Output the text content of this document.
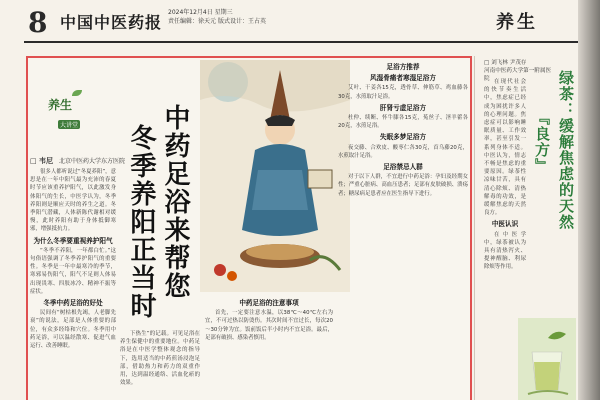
8 中国中医药报
2024年12月4日 星期三
责任编辑：徐天元 版式设计：王占英	养生
养生
大讲堂
□ 韦尼 北京中医药大学东方医院

很多人都听说过“冬夏养阳”，意思是在一年中阳气最为充沛的春夏时节应该重养护阳气，以此激发身体阳气的生长，中医学认为，冬季养阳则是顺应天时的养生之道。冬季阳气潜藏，人体新陈代谢相对缓慢，此时养阳有助于身体抵御寒邪，增强抵抗力。

为什么冬季要重视养护阳气

“冬季不养阳，一年都白忙。”这句俗语强调了冬季养护阳气的重要性。冬季是一年中最寒冷的季节，寒邪易伤阳气，阳气不足则人体易出现畏寒、四肢冰冷、精神不振等症状。

冬季中药足浴的好处

民间有“树枯根先竭，人老脚先衰”的说法，足部是人体重要的部位，有众多经络和穴位。冬季用中药足浴，可以温经散寒、促进气血运行、改善睡眠。

中药足浴来帮您
冬季养阳正当时

下热生”的记载。可见足浴在养生保健中的重要地位。中药足浴是在中医学整体观念的指导下，选用适当的中药煎汤浸泡足部，借助热力和药力的双重作用，达到温经通络、活血化瘀的效果。

中药足浴的注意事项

首先，一定要注意水温，以38℃～40℃左右为宜，不可过热以防烫伤。其次时间不宜过长，每次20～30分钟为宜。饭前饭后半小时内不宜足浴。最后，足部有破损、感染者慎用。

足浴方推荐
风湿骨痛者寒湿足浴方

艾叶、干姜各15克，透骨草、伸筋草、鸡血藤各30克，水煎取汁足浴。

肝肾亏虚足浴方

杜仲、续断、怀牛膝各15克，菟丝子、淫羊藿各20克，水煎足浴。

失眠多梦足浴方

夜交藤、合欢皮、酸枣仁各30克，首乌藤20克，水煎取汁足浴。

足浴禁忌人群

对于以下人群，不宜进行中药足浴：孕妇及经期女性；严重心脏病、高血压患者；足部有皮肤破损、溃疡者；糖尿病足患者应在医生指导下进行。

□ 刘飞林 尹茂存
河南中医药大学第一附属医院	绿茶：缓解焦虑的天然
『良方』

在现代社会的快节奏生活中，焦虑症已经成为困扰许多人的心理问题。焦虑症可以影响睡眠质量、工作效率，甚至引发一系列身体不适。中医认为，情志不畅是焦虑的重要原因。绿茶性凉味甘苦，具有清心除烦、清热解毒的功效，是缓解焦虑的天然良方。

中医认识

在中医学中，绿茶被认为具有清热泻火、提神醒脑、利尿除烦等作用。
